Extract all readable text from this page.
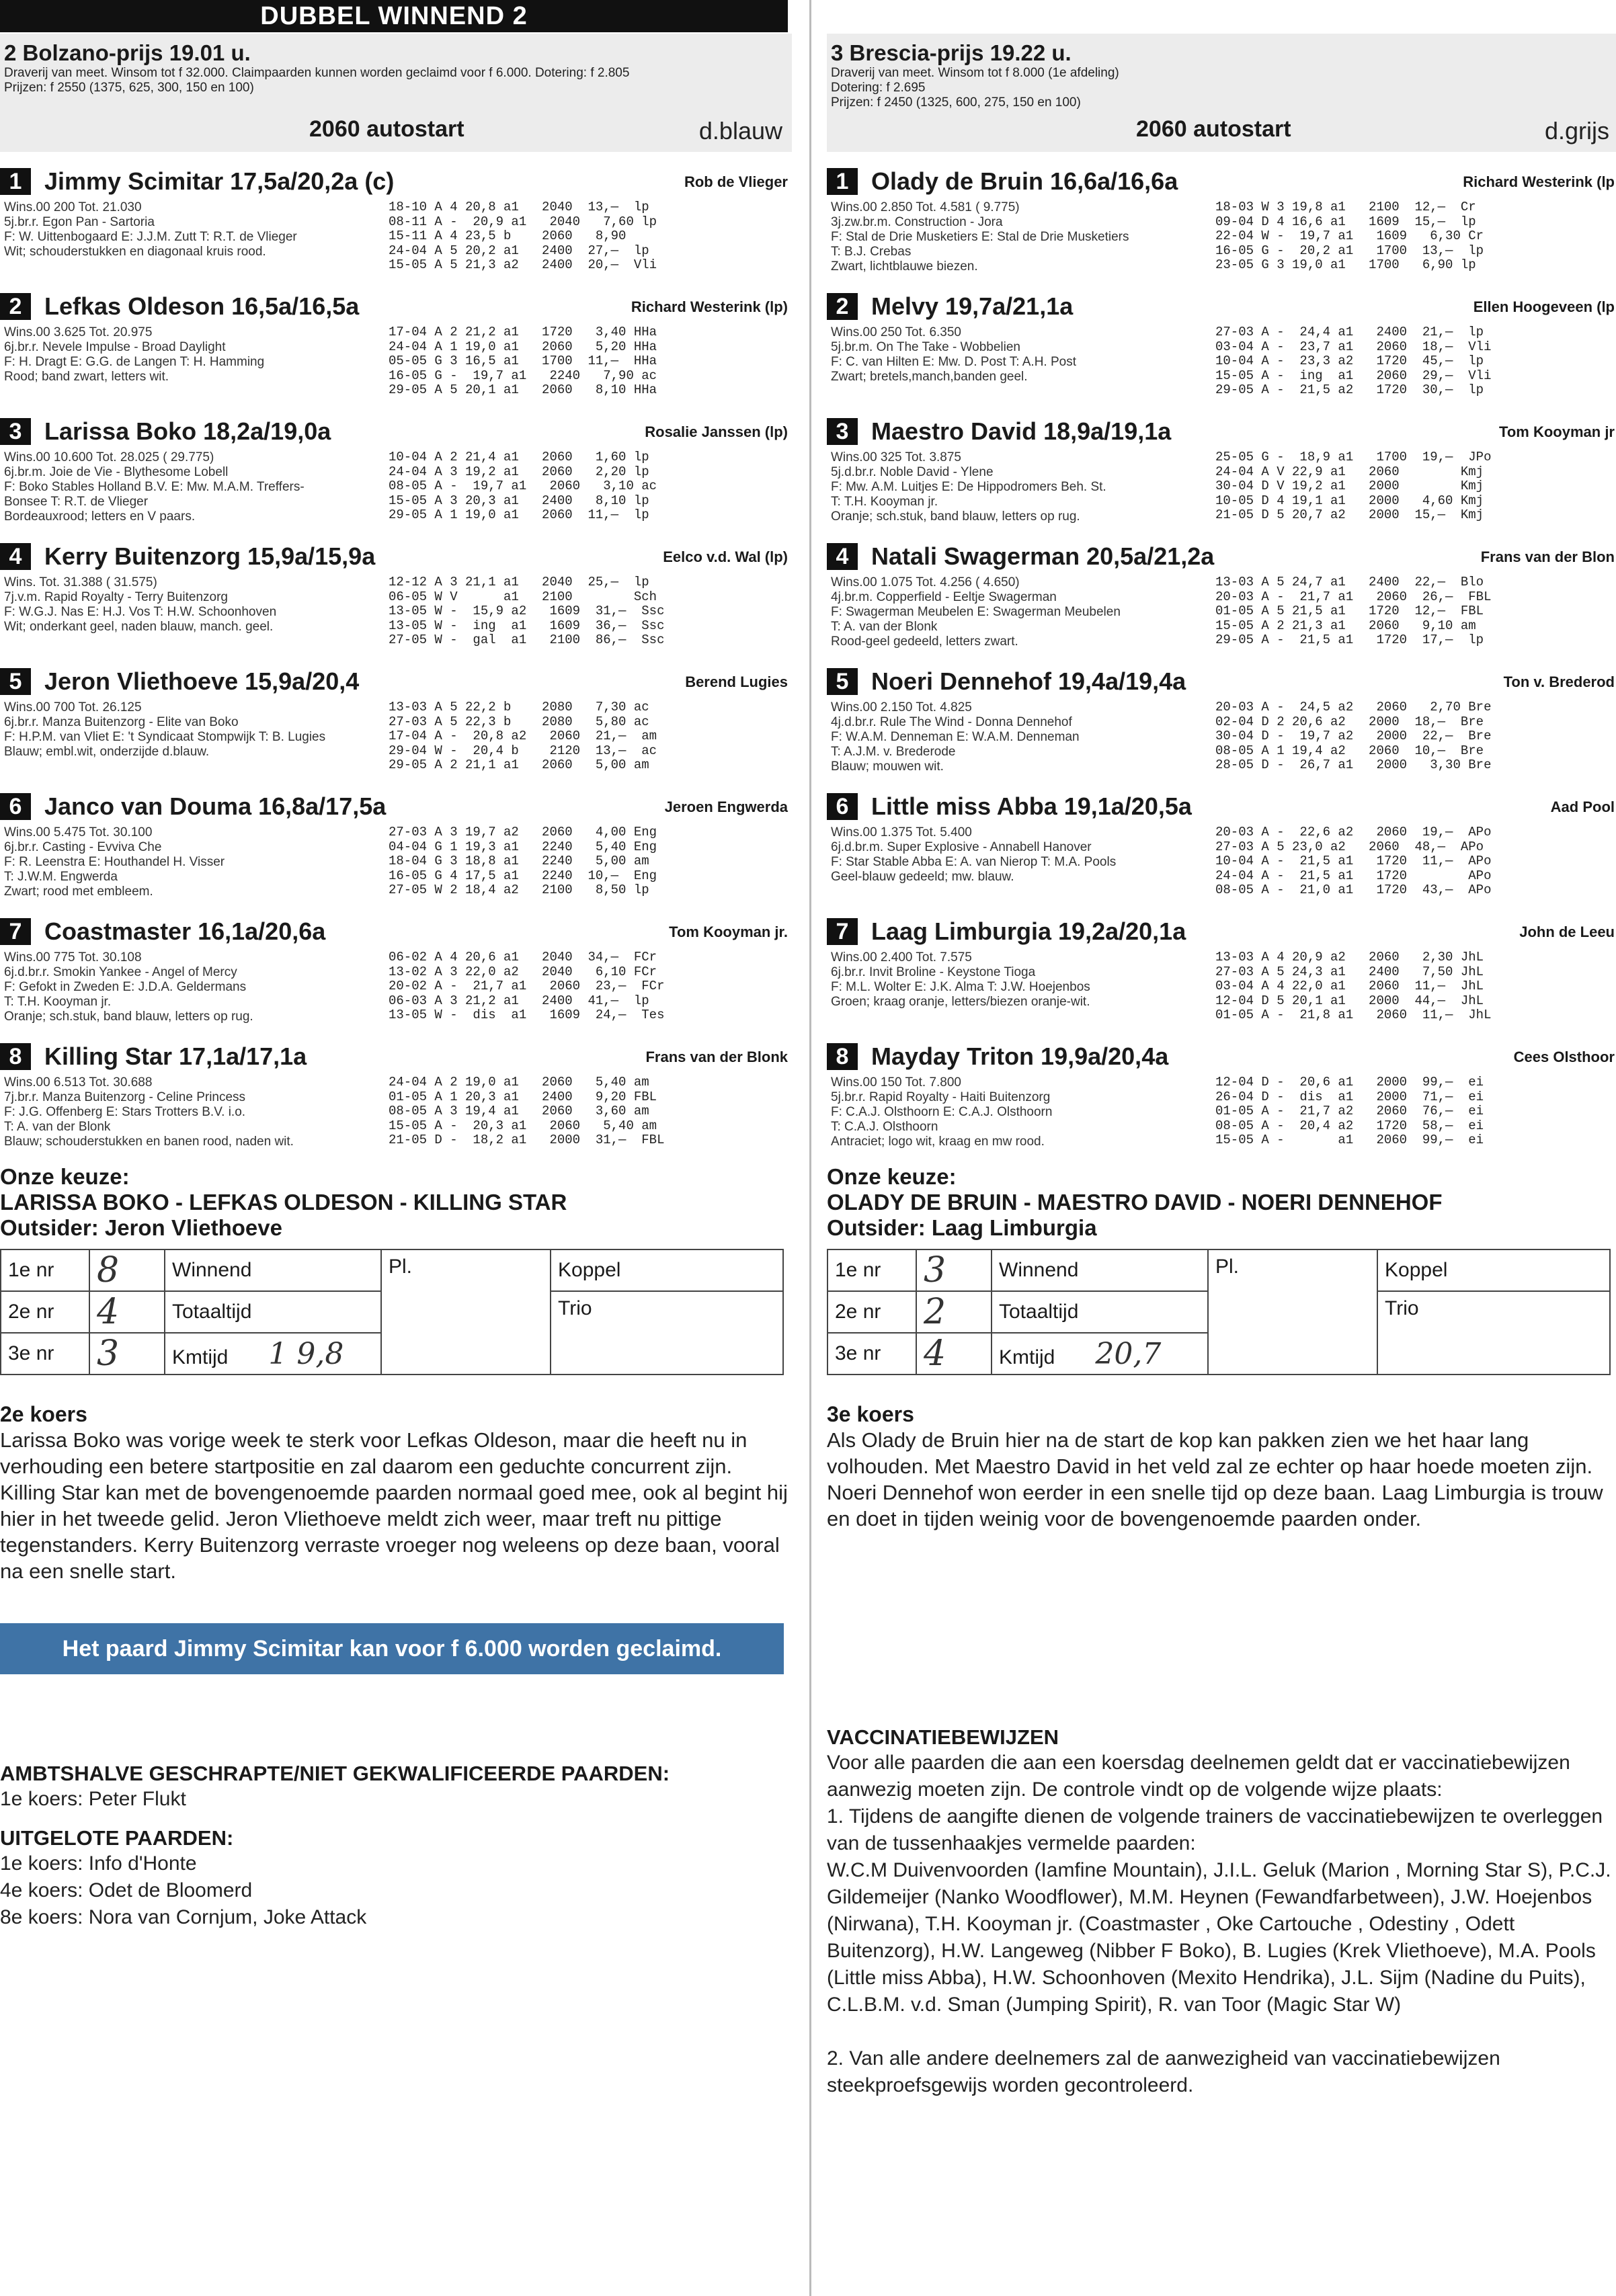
DUBBEL WINNEND 2
2 Bolzano-prijs 19.01 u.
Draverij van meet. Winsom tot f 32.000. Claimpaarden kunnen worden geclaimd voor f 6.000. Dotering: f 2.805
Prijzen: f 2550 (1375, 625, 300, 150 en 100)
2060 autostart	d.blauw
1 Jimmy Scimitar 17,5a/20,2a (c)	Rob de Vlieger
Wins.00 200 Tot. 21.030
5j.br.r. Egon Pan - Sartoria
F: W. Uittenbogaard E: J.J.M. Zutt T: R.T. de Vlieger
Wit; schouderstukken en diagonaal kruis rood.
18-10 A 4 20,8 a1   2040  13,—  lp
08-11 A -  20,9 a1   2040   7,60 lp
15-11 A 4 23,5 b    2060   8,90
24-04 A 5 20,2 a1   2400  27,—  lp
15-05 A 5 21,3 a2   2400  20,—  Vli
2 Lefkas Oldeson 16,5a/16,5a	Richard Westerink (lp)
Wins.00 3.625 Tot. 20.975
6j.br.r. Nevele Impulse - Broad Daylight
F: H. Dragt E: G.G. de Langen T: H. Hamming
Rood; band zwart, letters wit.
17-04 A 2 21,2 a1   1720   3,40 HHa
24-04 A 1 19,0 a1   2060   5,20 HHa
05-05 G 3 16,5 a1   1700  11,—  HHa
16-05 G -  19,7 a1   2240   7,90 ac
29-05 A 5 20,1 a1   2060   8,10 HHa
3 Larissa Boko 18,2a/19,0a	Rosalie Janssen (lp)
Wins.00 10.600 Tot. 28.025 ( 29.775)
6j.br.m. Joie de Vie - Blythesome Lobell
F: Boko Stables Holland B.V. E: Mw. M.A.M. Treffers-
Bonsee T: R.T. de Vlieger
Bordeauxrood; letters en V paars.
10-04 A 2 21,4 a1   2060   1,60 lp
24-04 A 3 19,2 a1   2060   2,20 lp
08-05 A -  19,7 a1   2060   3,10 ac
15-05 A 3 20,3 a1   2400   8,10 lp
29-05 A 1 19,0 a1   2060  11,—  lp
4 Kerry Buitenzorg 15,9a/15,9a	Eelco v.d. Wal (lp)
Wins. Tot. 31.388 ( 31.575)
7j.v.m. Rapid Royalty - Terry Buitenzorg
F: W.G.J. Nas E: H.J. Vos T: H.W. Schoonhoven
Wit; onderkant geel, naden blauw, manch. geel.
12-12 A 3 21,1 a1   2040  25,—  lp
06-05 W V      a1   2100        Sch
13-05 W -  15,9 a2   1609  31,—  Ssc
13-05 W -  ing  a1   1609  36,—  Ssc
27-05 W -  gal  a1   2100  86,—  Ssc
5 Jeron Vliethoeve 15,9a/20,4	Berend Lugies
Wins.00 700 Tot. 26.125
6j.br.r. Manza Buitenzorg - Elite van Boko
F: H.P.M. van Vliet E: 't Syndicaat Stompwijk T: B. Lugies
Blauw; embl.wit, onderzijde d.blauw.
13-03 A 5 22,2 b    2080   7,30 ac
27-03 A 5 22,3 b    2080   5,80 ac
17-04 A -  20,8 a2   2060  21,—  am
29-04 W -  20,4 b    2120  13,—  ac
29-05 A 2 21,1 a1   2060   5,00 am
6 Janco van Douma 16,8a/17,5a	Jeroen Engwerda
Wins.00 5.475 Tot. 30.100
6j.br.r. Casting - Evviva Che
F: R. Leenstra E: Houthandel H. Visser
T: J.W.M. Engwerda
Zwart; rood met embleem.
27-03 A 3 19,7 a2   2060   4,00 Eng
04-04 G 1 19,3 a1   2240   5,40 Eng
18-04 G 3 18,8 a1   2240   5,00 am
16-05 G 4 17,5 a1   2240  10,—  Eng
27-05 W 2 18,4 a2   2100   8,50 lp
7 Coastmaster 16,1a/20,6a	Tom Kooyman jr.
Wins.00 775 Tot. 30.108
6j.d.br.r. Smokin Yankee - Angel of Mercy
F: Gefokt in Zweden E: J.D.A. Geldermans
T: T.H. Kooyman jr.
Oranje; sch.stuk, band blauw, letters op rug.
06-02 A 4 20,6 a1   2040  34,—  FCr
13-02 A 3 22,0 a2   2040   6,10 FCr
20-02 A -  21,7 a1   2060  23,—  FCr
06-03 A 3 21,2 a1   2400  41,—  lp
13-05 W -  dis  a1   1609  24,—  Tes
8 Killing Star 17,1a/17,1a	Frans van der Blonk
Wins.00 6.513 Tot. 30.688
7j.br.r. Manza Buitenzorg - Celine Princess
F: J.G. Offenberg E: Stars Trotters B.V. i.o.
T: A. van der Blonk
Blauw; schouderstukken en banen rood, naden wit.
24-04 A 2 19,0 a1   2060   5,40 am
01-05 A 1 20,3 a1   2400   9,20 FBL
08-05 A 3 19,4 a1   2060   3,60 am
15-05 A -  20,3 a1   2060   5,40 am
21-05 D -  18,2 a1   2000  31,—  FBL
Onze keuze:
LARISSA BOKO - LEFKAS OLDESON - KILLING STAR
Outsider: Jeron Vliethoeve
1e nr	8	Winnend	Pl.	Koppel
2e nr	4	Totaaltijd		Trio
3e nr	3	Kmtijd 1 9,8		
2e koers
Larissa Boko was vorige week te sterk voor Lefkas Oldeson, maar die heeft nu in verhouding een betere startpositie en zal daarom een geduchte concurrent zijn. Killing Star kan met de bovengenoemde paarden normaal goed mee, ook al begint hij hier in het tweede gelid. Jeron Vliethoeve meldt zich weer, maar treft nu pittige tegenstanders. Kerry Buitenzorg verraste vroeger nog weleens op deze baan, vooral na een snelle start.
Het paard Jimmy Scimitar kan voor f 6.000 worden geclaimd.
AMBTSHALVE GESCHRAPTE/NIET GEKWALIFICEERDE PAARDEN:
1e koers: Peter Flukt
UITGELOTE PAARDEN:
1e koers: Info d'Honte
4e koers: Odet de Bloomerd
8e koers: Nora van Cornjum, Joke Attack
3 Brescia-prijs 19.22 u.
Draverij van meet. Winsom tot f 8.000 (1e afdeling)
Dotering: f 2.695
Prijzen: f 2450 (1325, 600, 275, 150 en 100)
2060 autostart	d.grijs
1 Olady de Bruin 16,6a/16,6a	Richard Westerink (lp
Wins.00 2.850 Tot. 4.581 ( 9.775)
3j.zw.br.m. Construction - Jora
F: Stal de Drie Musketiers E: Stal de Drie Musketiers
T: B.J. Crebas
Zwart, lichtblauwe biezen.
18-03 W 3 19,8 a1   2100  12,—  Cr
09-04 D 4 16,6 a1   1609  15,—  lp
22-04 W -  19,7 a1   1609   6,30 Cr
16-05 G -  20,2 a1   1700  13,—  lp
23-05 G 3 19,0 a1   1700   6,90 lp
2 Melvy 19,7a/21,1a	Ellen Hoogeveen (lp
Wins.00 250 Tot. 6.350
5j.br.m. On The Take - Wobbelien
F: C. van Hilten E: Mw. D. Post T: A.H. Post
Zwart; bretels,manch,banden geel.
27-03 A -  24,4 a1   2400  21,—  lp
03-04 A -  23,7 a1   2060  18,—  Vli
10-04 A -  23,3 a2   1720  45,—  lp
15-05 A -  ing  a1   2060  29,—  Vli
29-05 A -  21,5 a2   1720  30,—  lp
3 Maestro David 18,9a/19,1a	Tom Kooyman jr
Wins.00 325 Tot. 3.875
5j.d.br.r. Noble David - Ylene
F: Mw. A.M. Luitjes E: De Hippodromers Beh. St.
T: T.H. Kooyman jr.
Oranje; sch.stuk, band blauw, letters op rug.
25-05 G -  18,9 a1   1700  19,—  JPo
24-04 A V 22,9 a1   2060        Kmj
30-04 D V 19,2 a1   2000        Kmj
10-05 D 4 19,1 a1   2000   4,60 Kmj
21-05 D 5 20,7 a2   2000  15,—  Kmj
4 Natali Swagerman 20,5a/21,2a	Frans van der Blon
Wins.00 1.075 Tot. 4.256 ( 4.650)
4j.br.m. Copperfield - Eeltje Swagerman
F: Swagerman Meubelen E: Swagerman Meubelen
T: A. van der Blonk
Rood-geel gedeeld, letters zwart.
13-03 A 5 24,7 a1   2400  22,—  Blo
20-03 A -  21,7 a1   2060  26,—  FBL
01-05 A 5 21,5 a1   1720  12,—  FBL
15-05 A 2 21,3 a1   2060   9,10 am
29-05 A -  21,5 a1   1720  17,—  lp
5 Noeri Dennehof 19,4a/19,4a	Ton v. Brederod
Wins.00 2.150 Tot. 4.825
4j.d.br.r. Rule The Wind - Donna Dennehof
F: W.A.M. Denneman E: W.A.M. Denneman
T: A.J.M. v. Brederode
Blauw; mouwen wit.
20-03 A -  24,5 a2   2060   2,70 Bre
02-04 D 2 20,6 a2   2000  18,—  Bre
30-04 D -  19,7 a2   2000  22,—  Bre
08-05 A 1 19,4 a2   2060  10,—  Bre
28-05 D -  26,7 a1   2000   3,30 Bre
6 Little miss Abba 19,1a/20,5a	Aad Pool
Wins.00 1.375 Tot. 5.400
6j.d.br.m. Super Explosive - Annabell Hanover
F: Star Stable Abba E: A. van Nierop T: M.A. Pools
Geel-blauw gedeeld; mw. blauw.
20-03 A -  22,6 a2   2060  19,—  APo
27-03 A 5 23,0 a2   2060  48,—  APo
10-04 A -  21,5 a1   1720  11,—  APo
24-04 A -  21,5 a1   1720        APo
08-05 A -  21,0 a1   1720  43,—  APo
7 Laag Limburgia 19,2a/20,1a	John de Leeu
Wins.00 2.400 Tot. 7.575
6j.br.r. Invit Broline - Keystone Tioga
F: M.L. Wolter E: J.K. Alma T: J.W. Hoejenbos
Groen; kraag oranje, letters/biezen oranje-wit.
13-03 A 4 20,9 a2   2060   2,30 JhL
27-03 A 5 24,3 a1   2400   7,50 JhL
03-04 A 4 22,0 a1   2060  11,—  JhL
12-04 D 5 20,1 a1   2000  44,—  JhL
01-05 A -  21,8 a1   2060  11,—  JhL
8 Mayday Triton 19,9a/20,4a	Cees Olsthoor
Wins.00 150 Tot. 7.800
5j.br.r. Rapid Royalty - Haiti Buitenzorg
F: C.A.J. Olsthoorn E: C.A.J. Olsthoorn
T: C.A.J. Olsthoorn
Antraciet; logo wit, kraag en mw rood.
12-04 D -  20,6 a1   2000  99,—  ei
26-04 D -  dis  a1   2000  71,—  ei
01-05 A -  21,7 a2   2060  76,—  ei
08-05 A -  20,4 a2   1720  58,—  ei
15-05 A -       a1   2060  99,—  ei
Onze keuze:
OLADY DE BRUIN - MAESTRO DAVID - NOERI DENNEHOF
Outsider: Laag Limburgia
1e nr	3	Winnend	Pl.	Koppel
2e nr	2	Totaaltijd		Trio
3e nr	4	Kmtijd 20,7		
3e koers
Als Olady de Bruin hier na de start de kop kan pakken zien we het haar lang volhouden. Met Maestro David in het veld zal ze echter op haar hoede moeten zijn. Noeri Dennehof won eerder in een snelle tijd op deze baan. Laag Limburgia is trouw en doet in tijden weinig voor de bovengenoemde paarden onder.
VACCINATIEBEWIJZEN
Voor alle paarden die aan een koersdag deelnemen geldt dat er vaccinatiebewijzen aanwezig moeten zijn. De controle vindt op de volgende wijze plaats:
1. Tijdens de aangifte dienen de volgende trainers de vaccinatiebewijzen te overleggen van de tussenhaakjes vermelde paarden:
W.C.M Duivenvoorden (Iamfine Mountain), J.I.L. Geluk (Marion , Morning Star S), P.C.J. Gildemeijer (Nanko Woodflower), M.M. Heynen (Fewandfarbetween), J.W. Hoejenbos (Nirwana), T.H. Kooyman jr. (Coastmaster , Oke Cartouche , Odestiny , Odett Buitenzorg), H.W. Langeweg (Nibber F Boko), B. Lugies (Krek Vliethoeve), M.A. Pools (Little miss Abba), H.W. Schoonhoven (Mexito Hendrika), J.L. Sijm (Nadine du Puits), C.L.B.M. v.d. Sman (Jumping Spirit), R. van Toor (Magic Star W)
2. Van alle andere deelnemers zal de aanwezigheid van vaccinatiebewijzen steekproefsgewijs worden gecontroleerd.
